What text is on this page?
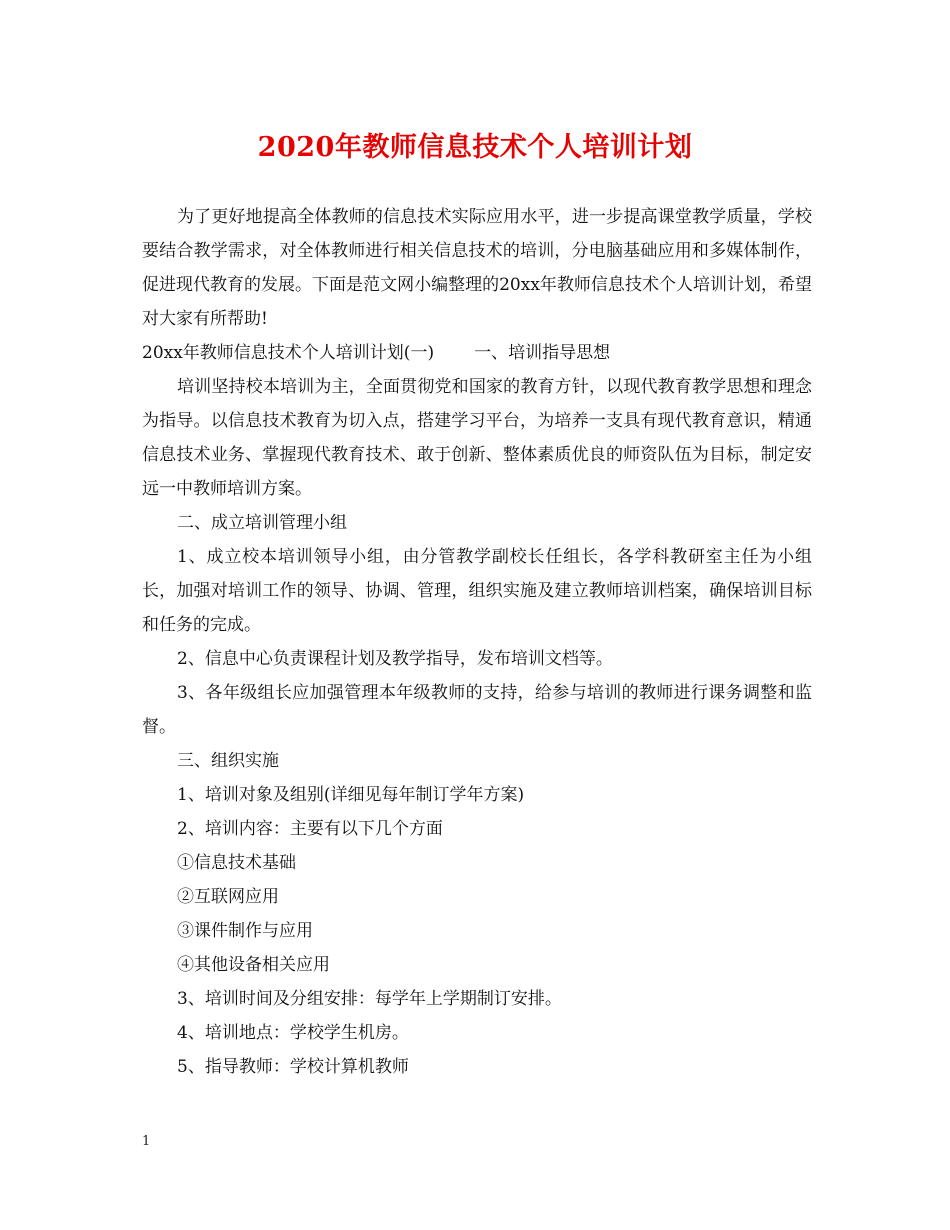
2020年教师信息技术个人培训计划

为了更好地提高全体教师的信息技术实际应用水平，进一步提高课堂教学质量，学校要结合教学需求，对全体教师进行相关信息技术的培训，分电脑基础应用和多媒体制作，促进现代教育的发展。下面是范文网小编整理的20xx年教师信息技术个人培训计划，希望对大家有所帮助!

20xx年教师信息技术个人培训计划(一) 一、培训指导思想

培训坚持校本培训为主，全面贯彻党和国家的教育方针，以现代教育教学思想和理念为指导。以信息技术教育为切入点，搭建学习平台，为培养一支具有现代教育意识，精通信息技术业务、掌握现代教育技术、敢于创新、整体素质优良的师资队伍为目标，制定安远一中教师培训方案。

二、成立培训管理小组

1、成立校本培训领导小组，由分管教学副校长任组长，各学科教研室主任为小组长，加强对培训工作的领导、协调、管理，组织实施及建立教师培训档案，确保培训目标和任务的完成。

2、信息中心负责课程计划及教学指导，发布培训文档等。

3、各年级组长应加强管理本年级教师的支持，给参与培训的教师进行课务调整和监督。

三、组织实施

1、培训对象及组别(详细见每年制订学年方案)

2、培训内容：主要有以下几个方面

①信息技术基础

②互联网应用

③课件制作与应用

④其他设备相关应用

3、培训时间及分组安排：每学年上学期制订安排。

4、培训地点：学校学生机房。

5、指导教师：学校计算机教师

1
